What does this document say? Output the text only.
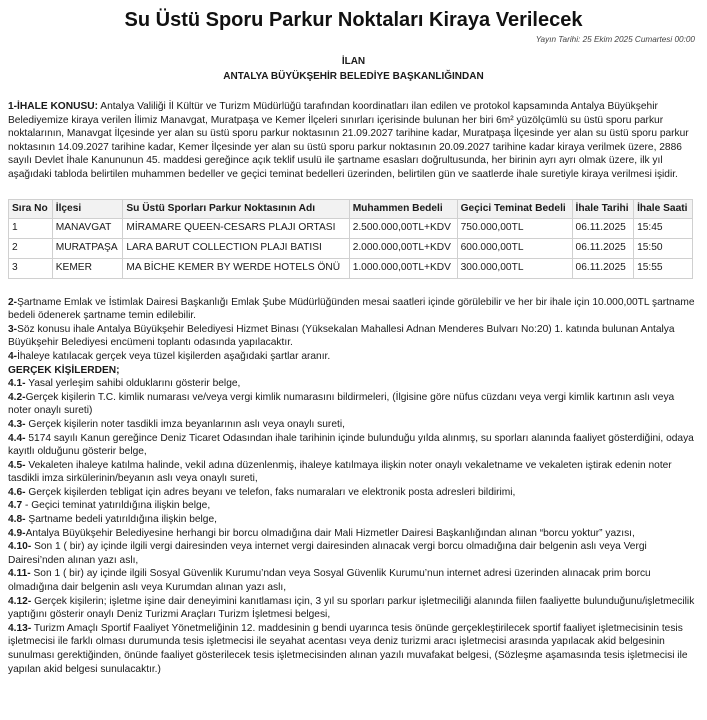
Su Üstü Sporu Parkur Noktaları Kiraya Verilecek
Yayın Tarihi: 25 Ekim 2025 Cumartesi 00:00
İLAN
ANTALYA BÜYÜKŞEHİR BELEDİYE BAŞKANLIĞINDAN

1-İHALE KONUSU: Antalya Valiliği İl Kültür ve Turizm Müdürlüğü tarafından koordinatları ilan edilen ve protokol kapsamında Antalya Büyükşehir Belediyemize kiraya verilen İlimiz Manavgat, Muratpaşa ve Kemer İlçeleri sınırları içerisinde bulunan her biri 6m² yüzölçümlü su üstü sporu parkur noktalarının, Manavgat İlçesinde yer alan su üstü sporu parkur noktasının 21.09.2027 tarihine kadar, Muratpaşa İlçesinde yer alan su üstü sporu parkur noktasının 14.09.2027 tarihine kadar, Kemer İlçesinde yer alan su üstü sporu parkur noktasının 20.09.2027 tarihine kadar kiraya verilmek üzere, 2886 sayılı Devlet İhale Kanununun 45. maddesi gereğince açık teklif usulü ile şartname esasları doğrultusunda, her birinin ayrı ayrı olmak üzere, ilk yıl aşağıdaki tabloda belirtilen muhammen bedeller ve geçici teminat bedelleri üzerinden, belirtilen gün ve saatlerde ihale suretiyle kiraya verilmesi işidir.

Sıra No	İlçesi	Su Üstü Sporları Parkur Noktasının Adı	Muhammen Bedeli	Geçici Teminat Bedeli	İhale Tarihi	İhale Saati
1	MANAVGAT	MİRAMARE QUEEN-CESARS PLAJI ORTASI	2.500.000,00TL+KDV	750.000,00TL	06.11.2025	15:45
2	MURATPAŞA	LARA BARUT COLLECTION PLAJI BATISI	2.000.000,00TL+KDV	600.000,00TL	06.11.2025	15:50
3	KEMER	MA BİCHE KEMER BY WERDE HOTELS ÖNÜ	1.000.000,00TL+KDV	300.000,00TL	06.11.2025	15:55

2-Şartname Emlak ve İstimlak Dairesi Başkanlığı Emlak Şube Müdürlüğünden mesai saatleri içinde görülebilir ve her bir ihale için 10.000,00TL şartname bedeli ödenerek şartname temin edilebilir.

3-Söz konusu ihale Antalya Büyükşehir Belediyesi Hizmet Binası (Yüksekalan Mahallesi Adnan Menderes Bulvarı No:20) 1. katında bulunan Antalya Büyükşehir Belediyesi encümeni toplantı odasında yapılacaktır.

4-İhaleye katılacak gerçek veya tüzel kişilerden aşağıdaki şartlar aranır.

GERÇEK KİŞİLERDEN;

4.1- Yasal yerleşim sahibi olduklarını gösterir belge,

4.2-Gerçek kişilerin T.C. kimlik numarası ve/veya vergi kimlik numarasını bildirmeleri, (İlgisine göre nüfus cüzdanı veya vergi kimlik kartının aslı veya noter onaylı sureti)

4.3- Gerçek kişilerin noter tasdikli imza beyanlarının aslı veya onaylı sureti,

4.4- 5174 sayılı Kanun gereğince Deniz Ticaret Odasından ihale tarihinin içinde bulunduğu yılda alınmış, su sporları alanında faaliyet gösterdiğini, odaya kayıtlı olduğunu gösterir belge,

4.5- Vekaleten ihaleye katılma halinde, vekil adına düzenlenmiş, ihaleye katılmaya ilişkin noter onaylı vekaletname ve vekaleten iştirak edenin noter tasdikli imza sirkülerinin/beyanın aslı veya onaylı sureti,

4.6- Gerçek kişilerden tebligat için adres beyanı ve telefon, faks numaraları ve elektronik posta adresleri bildirimi,

4.7 - Geçici teminat yatırıldığına ilişkin belge,

4.8- Şartname bedeli yatırıldığına ilişkin belge,

4.9-Antalya Büyükşehir Belediyesine herhangi bir borcu olmadığına dair Mali Hizmetler Dairesi Başkanlığından alınan “borcu yoktur” yazısı,

4.10- Son 1 ( bir) ay içinde ilgili vergi dairesinden veya internet vergi dairesinden alınacak vergi borcu olmadığına dair belgenin aslı veya Vergi Dairesi’nden alınan yazı aslı,

4.11- Son 1 ( bir) ay içinde ilgili Sosyal Güvenlik Kurumu’ndan veya Sosyal Güvenlik Kurumu’nun internet adresi üzerinden alınacak prim borcu olmadığına dair belgenin aslı veya Kurumdan alınan yazı aslı,

4.12- Gerçek kişilerin; işletme işine dair deneyimini kanıtlaması için, 3 yıl su sporları parkur işletmeciliği alanında fiilen faaliyette bulunduğunu/işletmecilik yaptığını gösterir onaylı Deniz Turizmi Araçları Turizm İşletmesi belgesi,

4.13- Turizm Amaçlı Sportif Faaliyet Yönetmeliğinin 12. maddesinin g bendi uyarınca tesis önünde gerçekleştirilecek sportif faaliyet işletmecisinin tesis işletmecisi ile farklı olması durumunda tesis işletmecisi ile seyahat acentası veya deniz turizmi aracı işletmecisi arasında yapılacak akid belgesinin sunulması gerektiğinden, önünde faaliyet gösterilecek tesis işletmecisinden alınan yazılı muvafakat belgesi, (Sözleşme aşamasında tesis işletmecisi ile yapılan akid belgesi sunulacaktır.)
